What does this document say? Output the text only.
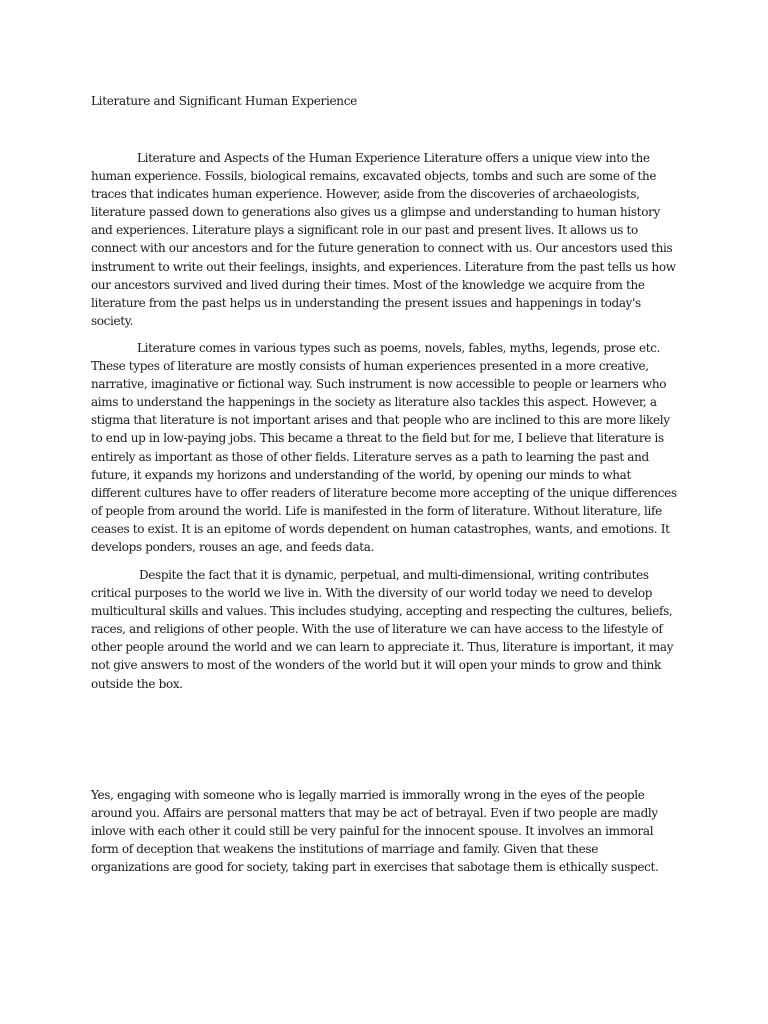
Literature and Significant Human Experience

Literature and Aspects of the Human Experience Literature offers a unique view into the human experience. Fossils, biological remains, excavated objects, tombs and such are some of the traces that indicates human experience. However, aside from the discoveries of archaeologists, literature passed down to generations also gives us a glimpse and understanding to human history and experiences. Literature plays a significant role in our past and present lives. It allows us to connect with our ancestors and for the future generation to connect with us. Our ancestors used this instrument to write out their feelings, insights, and experiences. Literature from the past tells us how our ancestors survived and lived during their times. Most of the knowledge we acquire from the literature from the past helps us in understanding the present issues and happenings in today's society.

Literature comes in various types such as poems, novels, fables, myths, legends, prose etc. These types of literature are mostly consists of human experiences presented in a more creative, narrative, imaginative or fictional way. Such instrument is now accessible to people or learners who aims to understand the happenings in the society as literature also tackles this aspect. However, a stigma that literature is not important arises and that people who are inclined to this are more likely to end up in low-paying jobs. This became a threat to the field but for me, I believe that literature is entirely as important as those of other fields. Literature serves as a path to learning the past and future, it expands my horizons and understanding of the world, by opening our minds to what different cultures have to offer readers of literature become more accepting of the unique differences of people from around the world. Life is manifested in the form of literature. Without literature, life ceases to exist. It is an epitome of words dependent on human catastrophes, wants, and emotions. It develops ponders, rouses an age, and feeds data.

Despite the fact that it is dynamic, perpetual, and multi-dimensional, writing contributes critical purposes to the world we live in. With the diversity of our world today we need to develop multicultural skills and values. This includes studying, accepting and respecting the cultures, beliefs, races, and religions of other people. With the use of literature we can have access to the lifestyle of other people around the world and we can learn to appreciate it. Thus, literature is important, it may not give answers to most of the wonders of the world but it will open your minds to grow and think outside the box.

Yes, engaging with someone who is legally married is immorally wrong in the eyes of the people around you. Affairs are personal matters that may be act of betrayal. Even if two people are madly inlove with each other it could still be very painful for the innocent spouse. It involves an immoral form of deception that weakens the institutions of marriage and family. Given that these organizations are good for society, taking part in exercises that sabotage them is ethically suspect.
